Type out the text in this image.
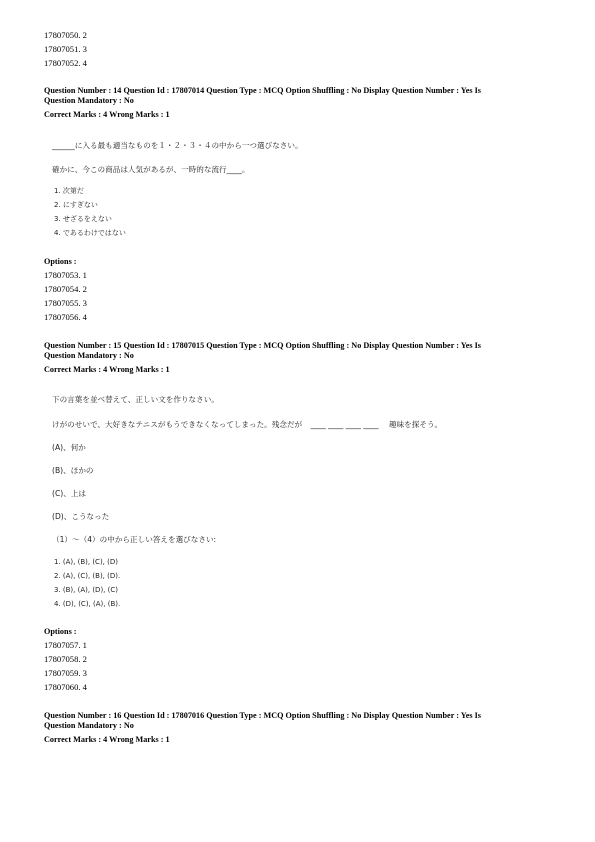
17807050. 2
17807051. 3
17807052. 4
Question Number : 14 Question Id : 17807014 Question Type : MCQ Option Shuffling : No Display Question Number : Yes Is
Question Mandatory : No
Correct Marks : 4 Wrong Marks : 1
______に入る最も適当なものを１・２・３・４の中から一つ選びなさい。
確かに、今この商品は人気があるが、一時的な流行____。
1. 次第だ
2. にすぎない
3. せざるをえない
4. であるわけではない
Options :
17807053. 1
17807054. 2
17807055. 3
17807056. 4
Question Number : 15 Question Id : 17807015 Question Type : MCQ Option Shuffling : No Display Question Number : Yes Is
Question Mandatory : No
Correct Marks : 4 Wrong Marks : 1
下の言葉を並べ替えて、正しい文を作りなさい。
けがのせいで、大好きなテニスがもうできなくなってしまった。残念だが ____ ____ ____ ____ 趣味を探そう。
(A)、何か
(B)、ほかの
(C)、上は
(D)、こうなった
（1）～（4）の中から正しい答えを選びなさい:
1. (A), (B), (C), (D)
2. (A), (C), (B), (D).
3. (B), (A), (D), (C)
4. (D), (C), (A), (B).
Options :
17807057. 1
17807058. 2
17807059. 3
17807060. 4
Question Number : 16 Question Id : 17807016 Question Type : MCQ Option Shuffling : No Display Question Number : Yes Is
Question Mandatory : No
Correct Marks : 4 Wrong Marks : 1
